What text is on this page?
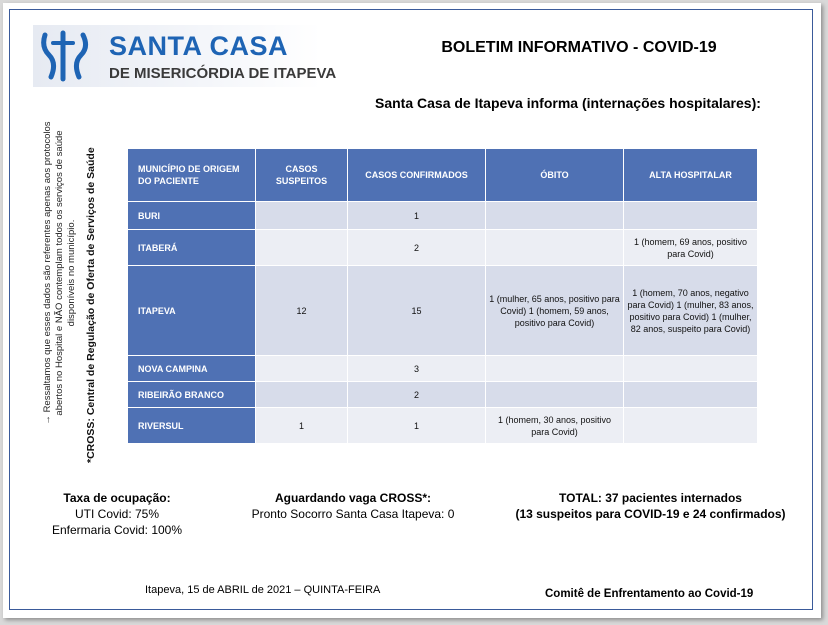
SANTA CASA
DE MISERICÓRDIA DE ITAPEVA
BOLETIM INFORMATIVO - COVID-19
Santa Casa de Itapeva informa (internações hospitalares):
→ Ressaltamos que esses dados são referentes apenas aos protocolos abertos no Hospital e NÃO contemplam todos os serviços de saúde disponíveis no município. *CROSS: Central de Regulação de Oferta de Serviços de Saúde	MUNICÍPIO DE ORIGEM DO PACIENTE	CASOS SUSPEITOS	CASOS CONFIRMADOS	ÓBITO	ALTA HOSPITALAR
BURI		1		
ITABERÁ		2		1 (homem, 69 anos, positivo para Covid)
ITAPEVA	12	15	1 (mulher, 65 anos, positivo para Covid) 1 (homem, 59 anos, positivo para Covid)	1 (homem, 70 anos, negativo para Covid) 1 (mulher, 83 anos, positivo para Covid) 1 (mulher, 82 anos, suspeito para Covid)
NOVA CAMPINA		3		
RIBEIRÃO BRANCO		2		
RIVERSUL	1	1	1 (homem, 30 anos, positivo para Covid)	
Taxa de ocupação:
UTI Covid: 75%
Enfermaria Covid: 100%
Aguardando vaga CROSS*:
Pronto Socorro Santa Casa Itapeva: 0
TOTAL: 37 pacientes internados
(13 suspeitos para COVID-19 e 24 confirmados)
Itapeva, 15 de ABRIL de 2021 – QUINTA-FEIRA	Comitê de Enfrentamento ao Covid-19
